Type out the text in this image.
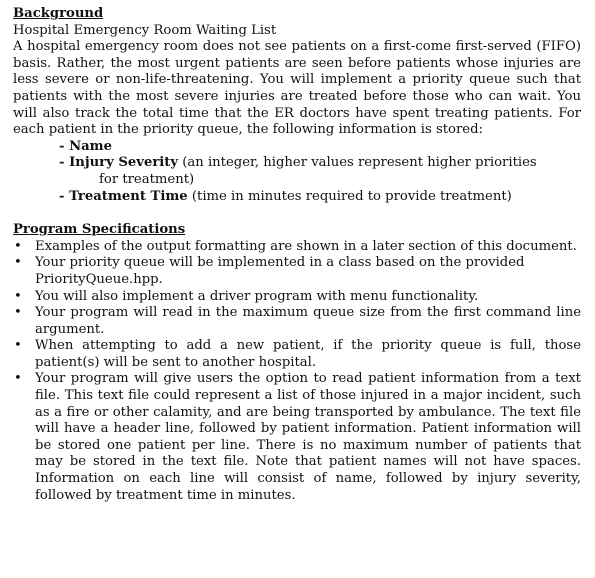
Background

Hospital Emergency Room Waiting List

A hospital emergency room does not see patients on a first-come first-served (FIFO) basis. Rather, the most urgent patients are seen before patients whose injuries are less severe or non-life-threatening. You will implement a priority queue such that patients with the most severe injuries are treated before those who can wait. You will also track the total time that the ER doctors have spent treating patients. For each patient in the priority queue, the following information is stored:

- Name
- Injury Severity (an integer, higher values represent higher priorities
for treatment)
- Treatment Time (time in minutes required to provide treatment)

Program Specifications

•	Examples of the output formatting are shown in a later section of this document.
•	Your priority queue will be implemented in a class based on the provided PriorityQueue.hpp.
•	You will also implement a driver program with menu functionality.
•	Your program will read in the maximum queue size from the first command line argument.
•	When attempting to add a new patient, if the priority queue is full, those patient(s) will be sent to another hospital.
•	Your program will give users the option to read patient information from a text file. This text file could represent a list of those injured in a major incident, such as a fire or other calamity, and are being transported by ambulance. The text file will have a header line, followed by patient information. Patient information will be stored one patient per line. There is no maximum number of patients that may be stored in the text file. Note that patient names will not have spaces. Information on each line will consist of name, followed by injury severity, followed by treatment time in minutes.
